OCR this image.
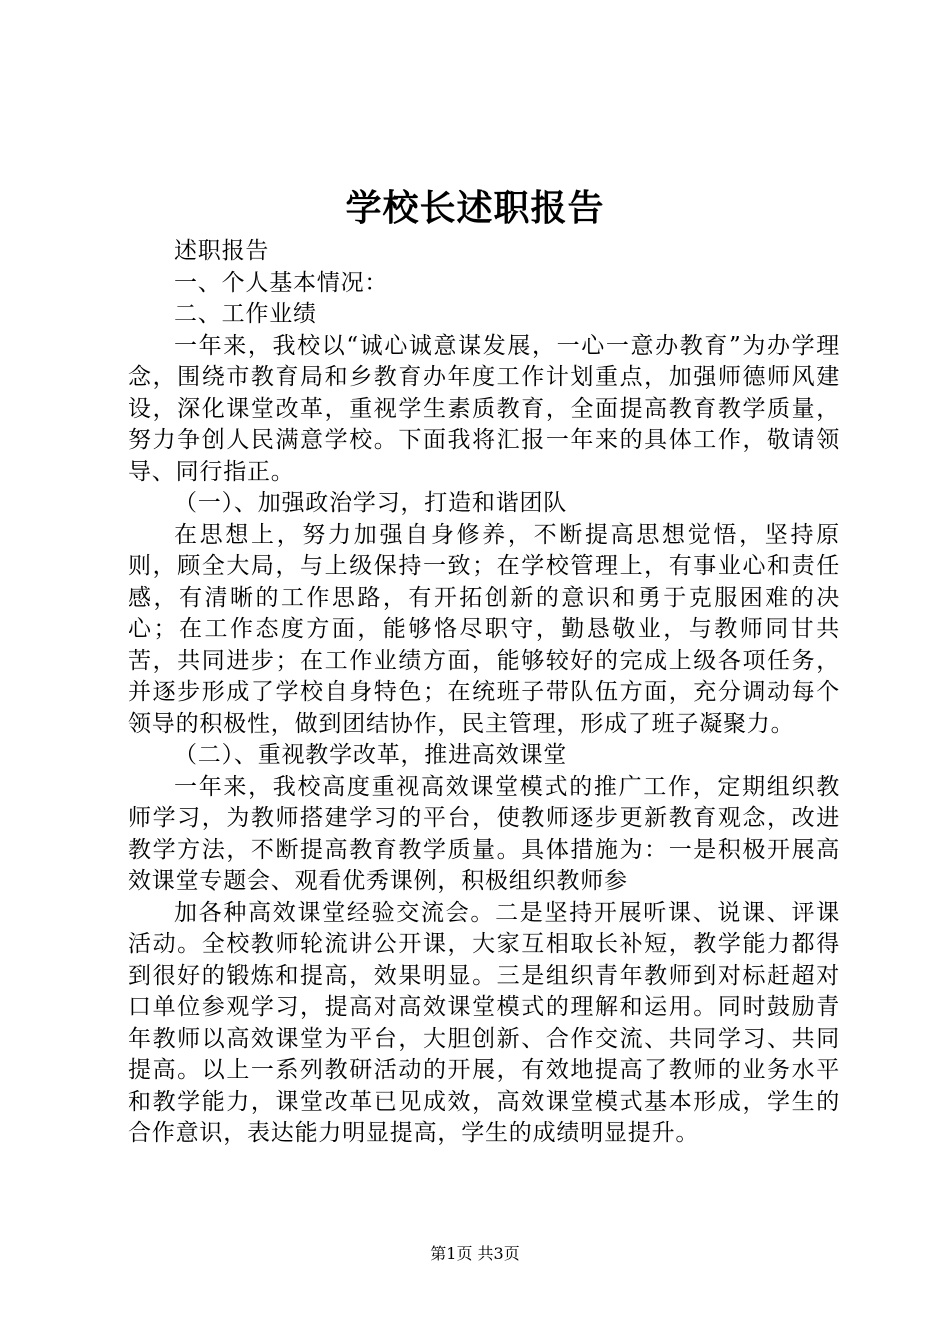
学校长述职报告

述职报告

一、个人基本情况：

二、工作业绩

一年来，我校以“诚心诚意谋发展，一心一意办教育”为办学理念，围绕市教育局和乡教育办年度工作计划重点，加强师德师风建设，深化课堂改革，重视学生素质教育，全面提高教育教学质量，努力争创人民满意学校。下面我将汇报一年来的具体工作，敬请领导、同行指正。

（一）、加强政治学习，打造和谐团队

在思想上，努力加强自身修养，不断提高思想觉悟，坚持原则，顾全大局，与上级保持一致；在学校管理上，有事业心和责任感，有清晰的工作思路，有开拓创新的意识和勇于克服困难的决心；在工作态度方面，能够恪尽职守，勤恳敬业，与教师同甘共苦，共同进步；在工作业绩方面，能够较好的完成上级各项任务，并逐步形成了学校自身特色；在统班子带队伍方面，充分调动每个领导的积极性，做到团结协作，民主管理，形成了班子凝聚力。

（二）、重视教学改革，推进高效课堂

一年来，我校高度重视高效课堂模式的推广工作，定期组织教师学习，为教师搭建学习的平台，使教师逐步更新教育观念，改进教学方法，不断提高教育教学质量。具体措施为：一是积极开展高效课堂专题会、观看优秀课例，积极组织教师参

加各种高效课堂经验交流会。二是坚持开展听课、说课、评课活动。全校教师轮流讲公开课，大家互相取长补短，教学能力都得到很好的锻炼和提高，效果明显。三是组织青年教师到对标赶超对口单位参观学习，提高对高效课堂模式的理解和运用。同时鼓励青年教师以高效课堂为平台，大胆创新、合作交流、共同学习、共同提高。以上一系列教研活动的开展，有效地提高了教师的业务水平和教学能力，课堂改革已见成效，高效课堂模式基本形成，学生的合作意识，表达能力明显提高，学生的成绩明显提升。

第1页 共3页
